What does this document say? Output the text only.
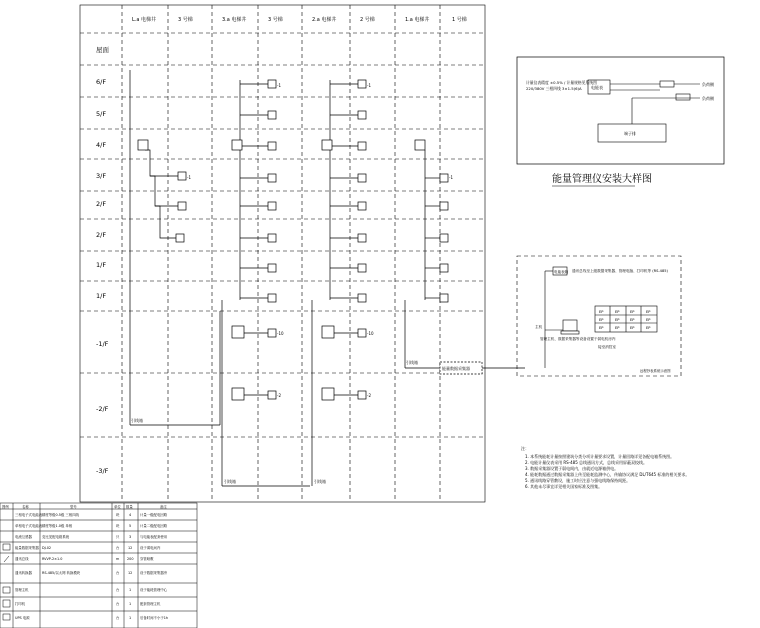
L.a 电梯井	3 号梯	3.a 电梯井	3 号梯	2.a 电梯井	2 号梯	1.a 电梯井	1 号梯
屋面
6/F
5/F
4/F
3/F
2/F
2/F
1/F
1/F
-1/F
-2/F
-3/F
引线箱
引线箱	引线箱
引线箱
能量数据采集器
-1
-1	-1
-1
-10	-10
-2	-2
计量仪表精度 ±0.5% / 计量规格见系统图
220/380V 三相四线 3×1.5(6)A 电能表
负荷侧
负荷侧
端子排
能量管理仪安装大样图
EP	EP	EP	EP
EP	EP	EP	EP
EP	EP	EP	EP
电能表箱 通讯总线至上级数据采集器、管理电脑、打印机等 (RS-485)
主机
管理主机、数据采集器等设备设置于弱电机房内
接至消控室
远程抄表系统示意图
注：
1. 本系统能耗计量按照建筑分类分项计量要求设置，计量回路详见各配电箱系统图。
2. 电能计量仪表采用 RS-485 总线通讯方式，总线采用屏蔽双绞线。
3. 数据采集器设置于弱电间内，由就近电源箱供电。
4. 能耗数据通过数据采集器上传至能耗监测中心，传输协议满足 DL/T645 标准的相关要求。
5. 通讯线路穿管敷设，施工时应注意与强电线路保持间距。
6. 其他未尽事宜详见相关国家标准及图集。
图例	名称	型号	单位 数量	备注
三相电子式电能表 精度等级0.5级 三相四线	块	4	计量一级配电回路
单相电子式电能表 精度等级1.0级 单相	块	5	计量二级配电回路
电流互感器	变比见配电箱系统	只	3	与电能表配套使用
能量数据采集器 DJ-02	台	12 设于弱电间内
通讯总线	RVVP-2×1.0	m 200 穿管暗敷
通讯转换器	RS-485/以太网 转换模块	台	12 设于数据采集器旁
管理主机	台	1	设于能耗管理中心
打印机	台	1	配套管理主机
UPS 电源	台	1	后备时间不小于1h
